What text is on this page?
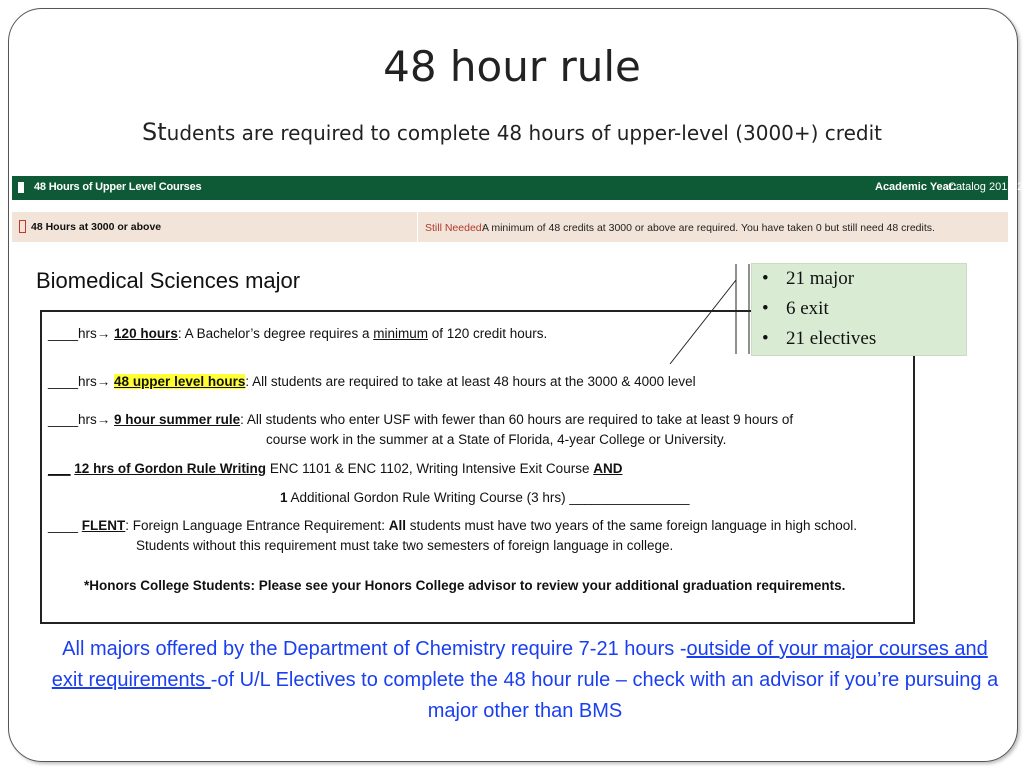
48 hour rule
Students are required to complete 48 hours of upper-level (3000+) credit
48 Hours of Upper Level Courses	Academic Year:
Catalog 2013-2
48 Hours at 3000 or above	Still Needed:
A minimum of 48 credits at 3000 or above are required. You have taken 0 but still need 48 credits.
Biomedical Sciences major
____hrs→ 120 hours: A Bachelor’s degree requires a minimum of 120 credit hours.
____hrs→ 48 upper level hours: All students are required to take at least 48 hours at the 3000 & 4000 level
____hrs→ 9 hour summer rule: All students who enter USF with fewer than 60 hours are required to take at least 9 hours of
course work in the summer at a State of Florida, 4-year College or University.
___ 12 hrs of Gordon Rule Writing ENC 1101 & ENC 1102, Writing Intensive Exit Course AND
1 Additional Gordon Rule Writing Course (3 hrs) ________________
____ FLENT: Foreign Language Entrance Requirement: All students must have two years of the same foreign language in high school.
Students without this requirement must take two semesters of foreign language in college.
*Honors College Students: Please see your Honors College advisor to review your additional graduation requirements.
• 21 major
• 6 exit
• 21 electives
All majors offered by the Department of Chemistry require 7-21 hours -outside of your major courses and exit requirements -of U/L Electives to complete the 48 hour rule – check with an advisor if you’re pursuing a major other than BMS
